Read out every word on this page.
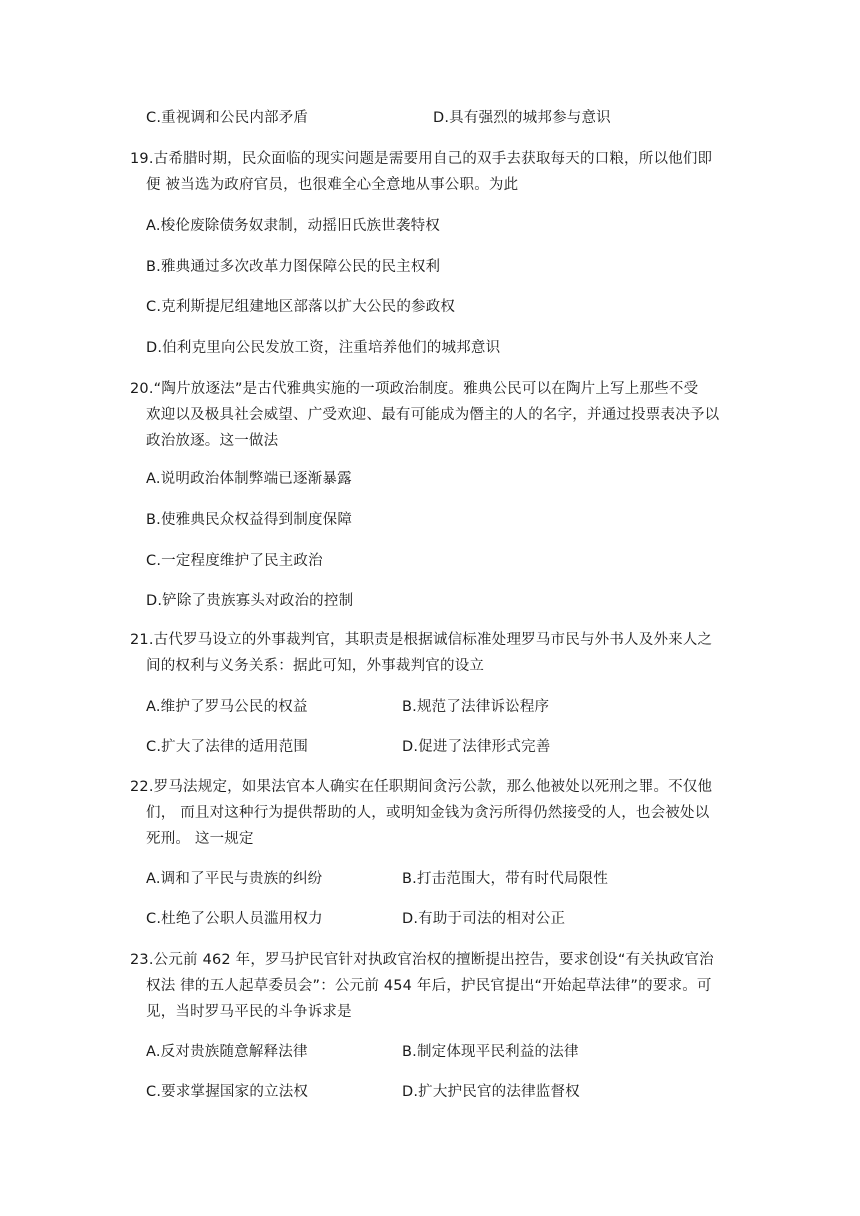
C.重视调和公民内部矛盾	D.具有强烈的城邦参与意识
19.古希腊时期，民众面临的现实问题是需要用自己的双手去获取每天的口粮，所以他们即
便 被当选为政府官员，也很难全心全意地从事公职。为此
A.梭伦废除债务奴隶制，动摇旧氏族世袭特权
B.雅典通过多次改革力图保障公民的民主权利
C.克利斯提尼组建地区部落以扩大公民的参政权
D.伯利克里向公民发放工资，注重培养他们的城邦意识
20.“陶片放逐法”是古代雅典实施的一项政治制度。雅典公民可以在陶片上写上那些不受
欢迎以及极具社会威望、广受欢迎、最有可能成为僭主的人的名字，并通过投票表决予以
政治放逐。这一做法
A.说明政治体制弊端已逐渐暴露
B.使雅典民众权益得到制度保障
C.一定程度维护了民主政治
D.铲除了贵族寡头对政治的控制
21.古代罗马设立的外事裁判官，其职责是根据诚信标准处理罗马市民与外书人及外来人之
间的权利与义务关系：据此可知，外事裁判官的设立
A.维护了罗马公民的权益	B.规范了法律诉讼程序
C.扩大了法律的适用范围	D.促进了法律形式完善
22.罗马法规定，如果法官本人确实在任职期间贪污公款，那么他被处以死刑之罪。不仅他
们， 而且对这种行为提供帮助的人，或明知金钱为贪污所得仍然接受的人，也会被处以
死刑。 这一规定
A.调和了平民与贵族的纠纷	B.打击范围大，带有时代局限性
C.杜绝了公职人员滥用权力	D.有助于司法的相对公正
23.公元前 462 年，罗马护民官针对执政官治权的擅断提出控告，要求创设“有关执政官治
权法 律的五人起草委员会”：公元前 454 年后，护民官提出“开始起草法律”的要求。可
见，当时罗马平民的斗争诉求是
A.反对贵族随意解释法律	B.制定体现平民利益的法律
C.要求掌握国家的立法权	D.扩大护民官的法律监督权
